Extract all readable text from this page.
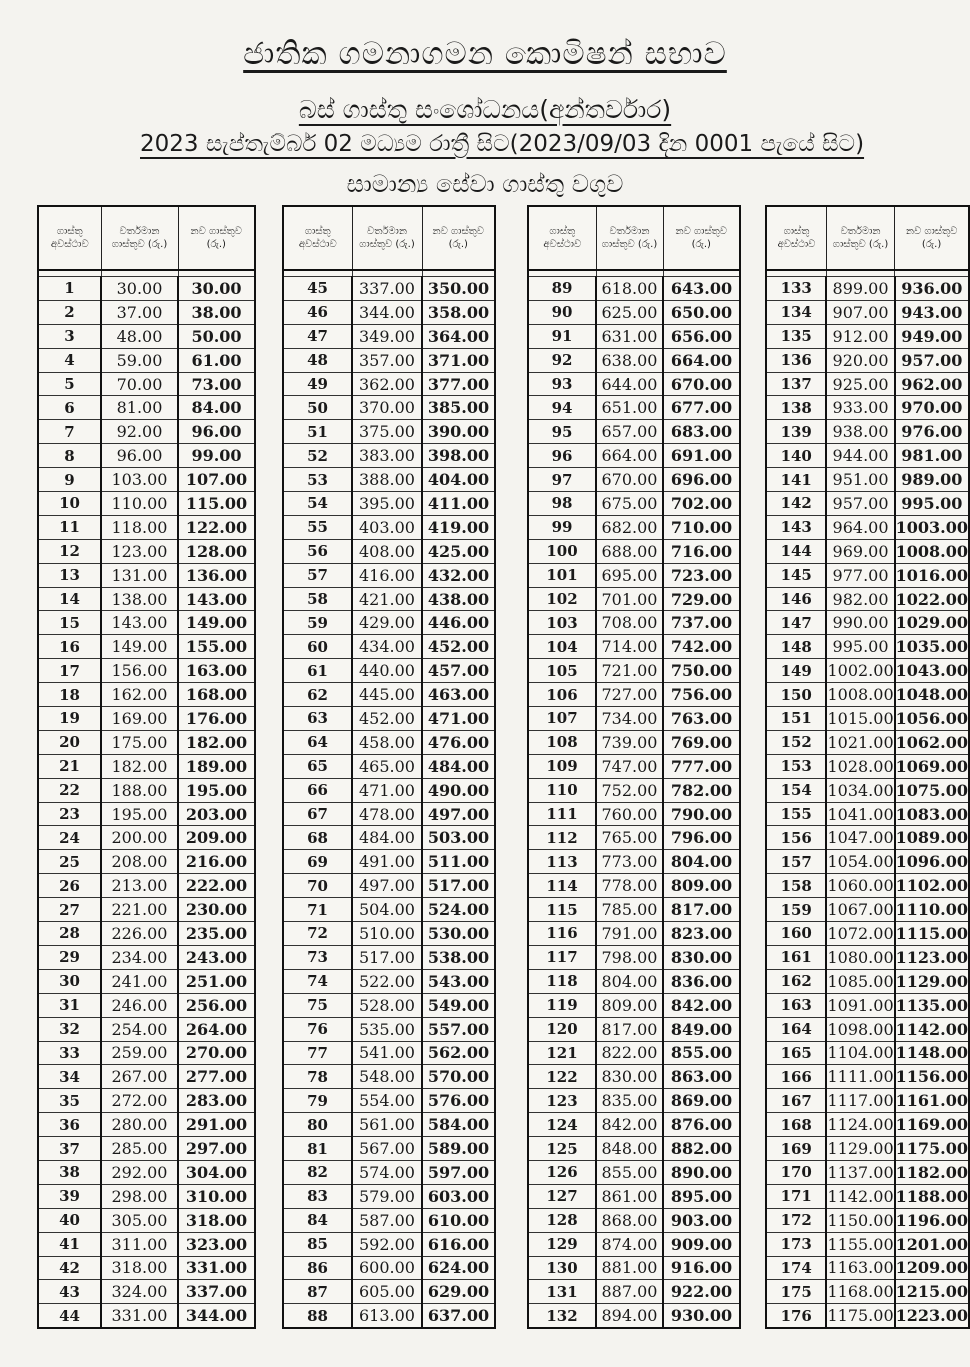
ජාතික ගමනාගමන කොමිෂන් සභාව
බස් ගාස්තු සංශෝධනය(අන්තර්වාර)
2023 සැප්තැම්බර් 02 මධ්‍යම රාත්‍රී සිට(2023/09/03 දින 0001 පැයේ සිට)
සාමාන්‍ය සේවා ගාස්තු වගුව
ගාස්තු අවස්ථාව	වර්තමාන ගාස්තුව (රු.)	නව ගාස්තුව (රු.)

1	30.00	30.00
2	37.00	38.00
3	48.00	50.00
4	59.00	61.00
5	70.00	73.00
6	81.00	84.00
7	92.00	96.00
8	96.00	99.00
9	103.00	107.00
10	110.00	115.00
11	118.00	122.00
12	123.00	128.00
13	131.00	136.00
14	138.00	143.00
15	143.00	149.00
16	149.00	155.00
17	156.00	163.00
18	162.00	168.00
19	169.00	176.00
20	175.00	182.00
21	182.00	189.00
22	188.00	195.00
23	195.00	203.00
24	200.00	209.00
25	208.00	216.00
26	213.00	222.00
27	221.00	230.00
28	226.00	235.00
29	234.00	243.00
30	241.00	251.00
31	246.00	256.00
32	254.00	264.00
33	259.00	270.00
34	267.00	277.00
35	272.00	283.00
36	280.00	291.00
37	285.00	297.00
38	292.00	304.00
39	298.00	310.00
40	305.00	318.00
41	311.00	323.00
42	318.00	331.00
43	324.00	337.00
44	331.00	344.00
ගාස්තු අවස්ථාව	වර්තමාන ගාස්තුව (රු.)	නව ගාස්තුව (රු.)

45	337.00	350.00
46	344.00	358.00
47	349.00	364.00
48	357.00	371.00
49	362.00	377.00
50	370.00	385.00
51	375.00	390.00
52	383.00	398.00
53	388.00	404.00
54	395.00	411.00
55	403.00	419.00
56	408.00	425.00
57	416.00	432.00
58	421.00	438.00
59	429.00	446.00
60	434.00	452.00
61	440.00	457.00
62	445.00	463.00
63	452.00	471.00
64	458.00	476.00
65	465.00	484.00
66	471.00	490.00
67	478.00	497.00
68	484.00	503.00
69	491.00	511.00
70	497.00	517.00
71	504.00	524.00
72	510.00	530.00
73	517.00	538.00
74	522.00	543.00
75	528.00	549.00
76	535.00	557.00
77	541.00	562.00
78	548.00	570.00
79	554.00	576.00
80	561.00	584.00
81	567.00	589.00
82	574.00	597.00
83	579.00	603.00
84	587.00	610.00
85	592.00	616.00
86	600.00	624.00
87	605.00	629.00
88	613.00	637.00
ගාස්තු අවස්ථාව	වර්තමාන ගාස්තුව (රු.)	නව ගාස්තුව (රු.)

89	618.00	643.00
90	625.00	650.00
91	631.00	656.00
92	638.00	664.00
93	644.00	670.00
94	651.00	677.00
95	657.00	683.00
96	664.00	691.00
97	670.00	696.00
98	675.00	702.00
99	682.00	710.00
100	688.00	716.00
101	695.00	723.00
102	701.00	729.00
103	708.00	737.00
104	714.00	742.00
105	721.00	750.00
106	727.00	756.00
107	734.00	763.00
108	739.00	769.00
109	747.00	777.00
110	752.00	782.00
111	760.00	790.00
112	765.00	796.00
113	773.00	804.00
114	778.00	809.00
115	785.00	817.00
116	791.00	823.00
117	798.00	830.00
118	804.00	836.00
119	809.00	842.00
120	817.00	849.00
121	822.00	855.00
122	830.00	863.00
123	835.00	869.00
124	842.00	876.00
125	848.00	882.00
126	855.00	890.00
127	861.00	895.00
128	868.00	903.00
129	874.00	909.00
130	881.00	916.00
131	887.00	922.00
132	894.00	930.00
ගාස්තු අවස්ථාව	වර්තමාන ගාස්තුව (රු.)	නව ගාස්තුව (රු.)

133	899.00	936.00
134	907.00	943.00
135	912.00	949.00
136	920.00	957.00
137	925.00	962.00
138	933.00	970.00
139	938.00	976.00
140	944.00	981.00
141	951.00	989.00
142	957.00	995.00
143	964.00	1003.00
144	969.00	1008.00
145	977.00	1016.00
146	982.00	1022.00
147	990.00	1029.00
148	995.00	1035.00
149	1002.00	1043.00
150	1008.00	1048.00
151	1015.00	1056.00
152	1021.00	1062.00
153	1028.00	1069.00
154	1034.00	1075.00
155	1041.00	1083.00
156	1047.00	1089.00
157	1054.00	1096.00
158	1060.00	1102.00
159	1067.00	1110.00
160	1072.00	1115.00
161	1080.00	1123.00
162	1085.00	1129.00
163	1091.00	1135.00
164	1098.00	1142.00
165	1104.00	1148.00
166	1111.00	1156.00
167	1117.00	1161.00
168	1124.00	1169.00
169	1129.00	1175.00
170	1137.00	1182.00
171	1142.00	1188.00
172	1150.00	1196.00
173	1155.00	1201.00
174	1163.00	1209.00
175	1168.00	1215.00
176	1175.00	1223.00
